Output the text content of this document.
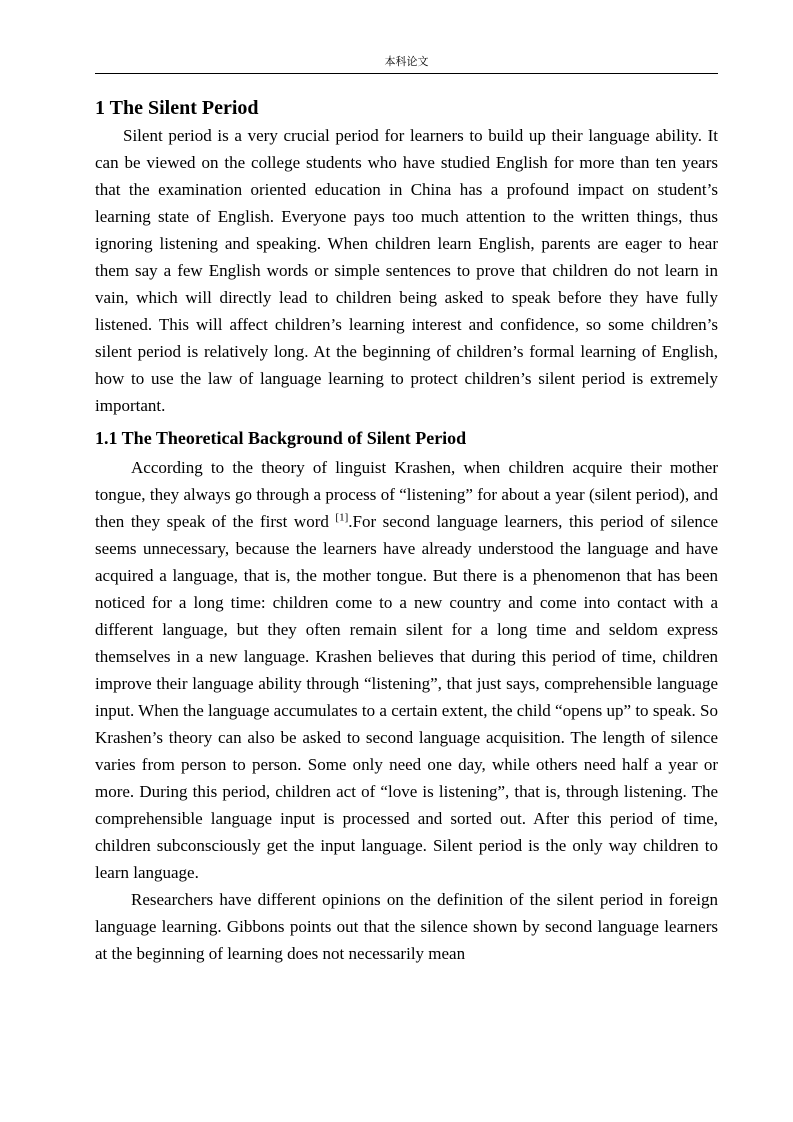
本科论文
1 The Silent Period

Silent period is a very crucial period for learners to build up their language ability. It can be viewed on the college students who have studied English for more than ten years that the examination oriented education in China has a profound impact on student’s learning state of English. Everyone pays too much attention to the written things, thus ignoring listening and speaking. When children learn English, parents are eager to hear them say a few English words or simple sentences to prove that children do not learn in vain, which will directly lead to children being asked to speak before they have fully listened. This will affect children’s learning interest and confidence, so some children’s silent period is relatively long. At the beginning of children’s formal learning of English, how to use the law of language learning to protect children’s silent period is extremely important.

1.1 The Theoretical Background of Silent Period

According to the theory of linguist Krashen, when children acquire their mother tongue, they always go through a process of “listening” for about a year (silent period), and then they speak of the first word [1].For second language learners, this period of silence seems unnecessary, because the learners have already understood the language and have acquired a language, that is, the mother tongue. But there is a phenomenon that has been noticed for a long time: children come to a new country and come into contact with a different language, but they often remain silent for a long time and seldom express themselves in a new language. Krashen believes that during this period of time, children improve their language ability through “listening”, that just says, comprehensible language input. When the language accumulates to a certain extent, the child “opens up” to speak. So Krashen’s theory can also be asked to second language acquisition. The length of silence varies from person to person. Some only need one day, while others need half a year or more. During this period, children act of “love is listening”, that is, through listening. The comprehensible language input is processed and sorted out. After this period of time, children subconsciously get the input language. Silent period is the only way children to learn language.

Researchers have different opinions on the definition of the silent period in foreign language learning. Gibbons points out that the silence shown by second language learners at the beginning of learning does not necessarily mean
